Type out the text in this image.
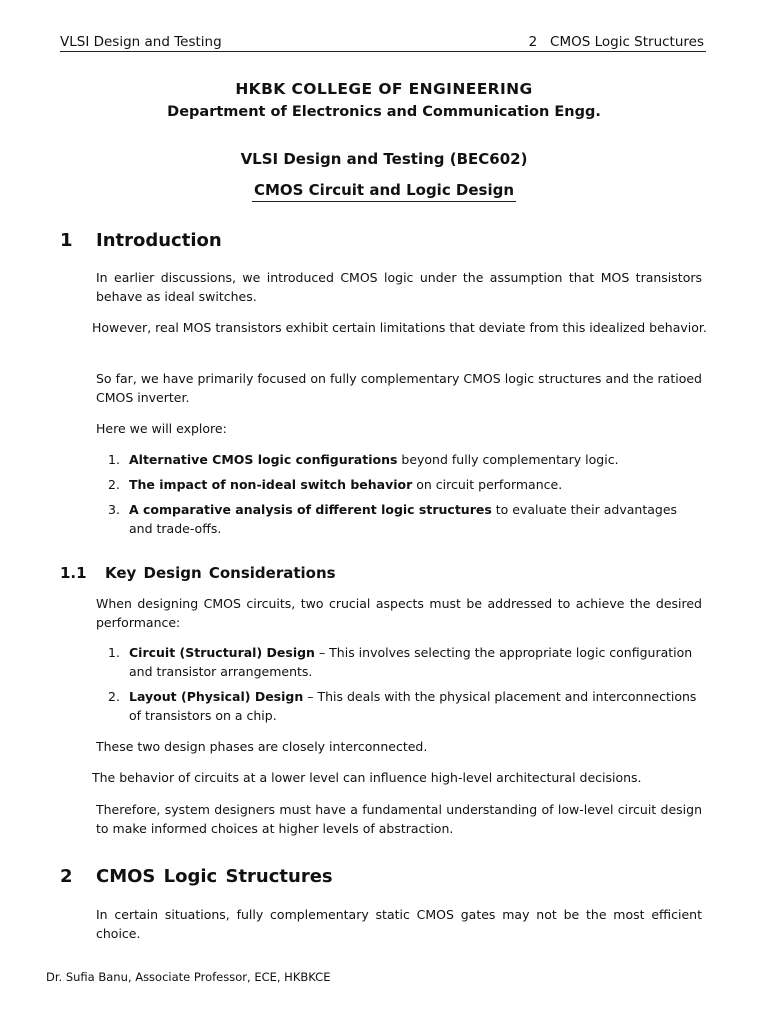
VLSI Design and Testing	2   CMOS Logic Structures
HKBK COLLEGE OF ENGINEERING
Department of Electronics and Communication Engg.
VLSI Design and Testing (BEC602)
CMOS Circuit and Logic Design
1 Introduction
In earlier discussions, we introduced CMOS logic under the assumption that MOS transistors behave as ideal switches.
However, real MOS transistors exhibit certain limitations that deviate from this idealized behavior.
So far, we have primarily focused on fully complementary CMOS logic structures and the ratioed CMOS inverter.
Here we will explore:
1. Alternative CMOS logic configurations beyond fully complementary logic.
2. The impact of non-ideal switch behavior on circuit performance.
3. A comparative analysis of different logic structures to evaluate their advantages and trade-offs.
1.1 Key Design Considerations
When designing CMOS circuits, two crucial aspects must be addressed to achieve the desired performance:
1. Circuit (Structural) Design – This involves selecting the appropriate logic configuration and transistor arrangements.
2. Layout (Physical) Design – This deals with the physical placement and interconnections of transistors on a chip.
These two design phases are closely interconnected.
The behavior of circuits at a lower level can influence high-level architectural decisions.
Therefore, system designers must have a fundamental understanding of low-level circuit design to make informed choices at higher levels of abstraction.
2 CMOS Logic Structures
In certain situations, fully complementary static CMOS gates may not be the most efficient choice.
Dr. Sufia Banu, Associate Professor, ECE, HKBKCE
